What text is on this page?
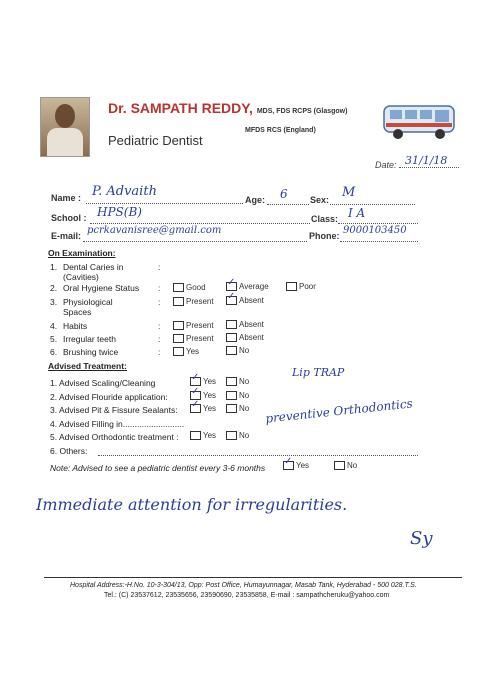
Dr. SAMPATH REDDY, MDS, FDS RCPS (Glasgow)
MFDS RCS (England)
Pediatric Dentist
Date: 31/1/18
Name : P. Advaith
Age: 6 Sex: M
School : HPS(B)	Class: I A
E-mail: pcrkavanisree@gmail.com	Phone: 9000103450
On Examination:
1. Dental Caries in
(Cavities)
:
2. Oral Hygiene Status :	Good ✓ Average	Poor
3. Physiological
Spaces
:	Present ✓ Absent
4. Habits	:	Present	Absent
5. Irregular teeth	:	Present	Absent
6. Brushing twice	:	Yes	No
Advised Treatment:
1. Advised Scaling/Cleaning	✓ Yes	No
2. Advised Flouride application: ✓ Yes	No
3. Advised Pit & Fissure Sealants: ✓ Yes	No
4. Advised Filling in..........................
5. Advised Orthodontic treatment :	Yes	No
6. Others:
Lip TRAP
preventive Orthodontics
Note: Advised to see a pediatric dentist every 3-6 months
✓ Yes	No
Immediate attention for irregularities.
Sy
Hospital Address:-H.No. 10-3-304/13, Opp: Post Office, Humayunnagar, Masab Tank, Hyderabad - 500 028.T.S.
Tel.: (C) 23537612, 23535656, 23590690, 23535858, E-mail : sampathcheruku@yahoo.com
